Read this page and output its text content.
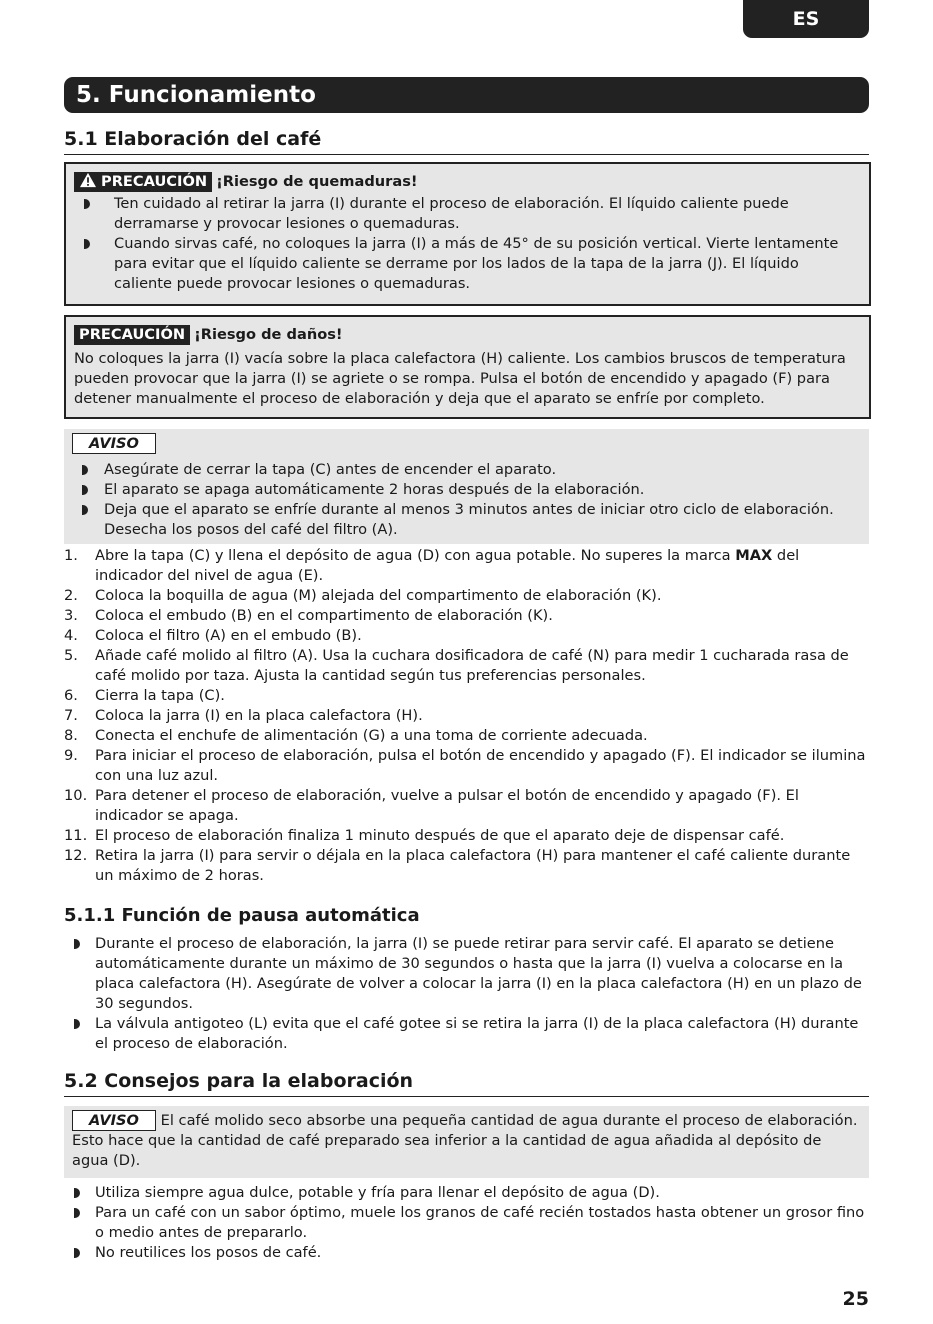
ES
5. Funcionamiento
5.1 Elaboración del café
PRECAUCIÓN ¡Riesgo de quemaduras!
Ten cuidado al retirar la jarra (I) durante el proceso de elaboración. El líquido caliente puede derramarse y provocar lesiones o quemaduras.
Cuando sirvas café, no coloques la jarra (I) a más de 45° de su posición vertical. Vierte lentamente para evitar que el líquido caliente se derrame por los lados de la tapa de la jarra (J). El líquido caliente puede provocar lesiones o quemaduras.
PRECAUCIÓN ¡Riesgo de daños!

No coloques la jarra (I) vacía sobre la placa calefactora (H) caliente. Los cambios bruscos de temperatura pueden provocar que la jarra (I) se agriete o se rompa. Pulsa el botón de encendido y apagado (F) para detener manualmente el proceso de elaboración y deja que el aparato se enfríe por completo.

AVISO
Asegúrate de cerrar la tapa (C) antes de encender el aparato.
El aparato se apaga automáticamente 2 horas después de la elaboración.
Deja que el aparato se enfríe durante al menos 3 minutos antes de iniciar otro ciclo de elaboración. Desecha los posos del café del filtro (A).
1. Abre la tapa (C) y llena el depósito de agua (D) con agua potable. No superes la marca MAX del indicador del nivel de agua (E).
2. Coloca la boquilla de agua (M) alejada del compartimento de elaboración (K).
3. Coloca el embudo (B) en el compartimento de elaboración (K).
4. Coloca el filtro (A) en el embudo (B).
5. Añade café molido al filtro (A). Usa la cuchara dosificadora de café (N) para medir 1 cucharada rasa de café molido por taza. Ajusta la cantidad según tus preferencias personales.
6. Cierra la tapa (C).
7. Coloca la jarra (I) en la placa calefactora (H).
8. Conecta el enchufe de alimentación (G) a una toma de corriente adecuada.
9. Para iniciar el proceso de elaboración, pulsa el botón de encendido y apagado (F). El indicador se ilumina con una luz azul.
10. Para detener el proceso de elaboración, vuelve a pulsar el botón de encendido y apagado (F). El indicador se apaga.
11. El proceso de elaboración finaliza 1 minuto después de que el aparato deje de dispensar café.
12. Retira la jarra (I) para servir o déjala en la placa calefactora (H) para mantener el café caliente durante un máximo de 2 horas.
5.1.1 Función de pausa automática
Durante el proceso de elaboración, la jarra (I) se puede retirar para servir café. El aparato se detiene automáticamente durante un máximo de 30 segundos o hasta que la jarra (I) vuelva a colocarse en la placa calefactora (H). Asegúrate de volver a colocar la jarra (I) en la placa calefactora (H) en un plazo de 30 segundos.
La válvula antigoteo (L) evita que el café gotee si se retira la jarra (I) de la placa calefactora (H) durante el proceso de elaboración.
5.2 Consejos para la elaboración
AVISO El café molido seco absorbe una pequeña cantidad de agua durante el proceso de elaboración. Esto hace que la cantidad de café preparado sea inferior a la cantidad de agua añadida al depósito de agua (D).
Utiliza siempre agua dulce, potable y fría para llenar el depósito de agua (D).
Para un café con un sabor óptimo, muele los granos de café recién tostados hasta obtener un grosor fino o medio antes de prepararlo.
No reutilices los posos de café.
25
